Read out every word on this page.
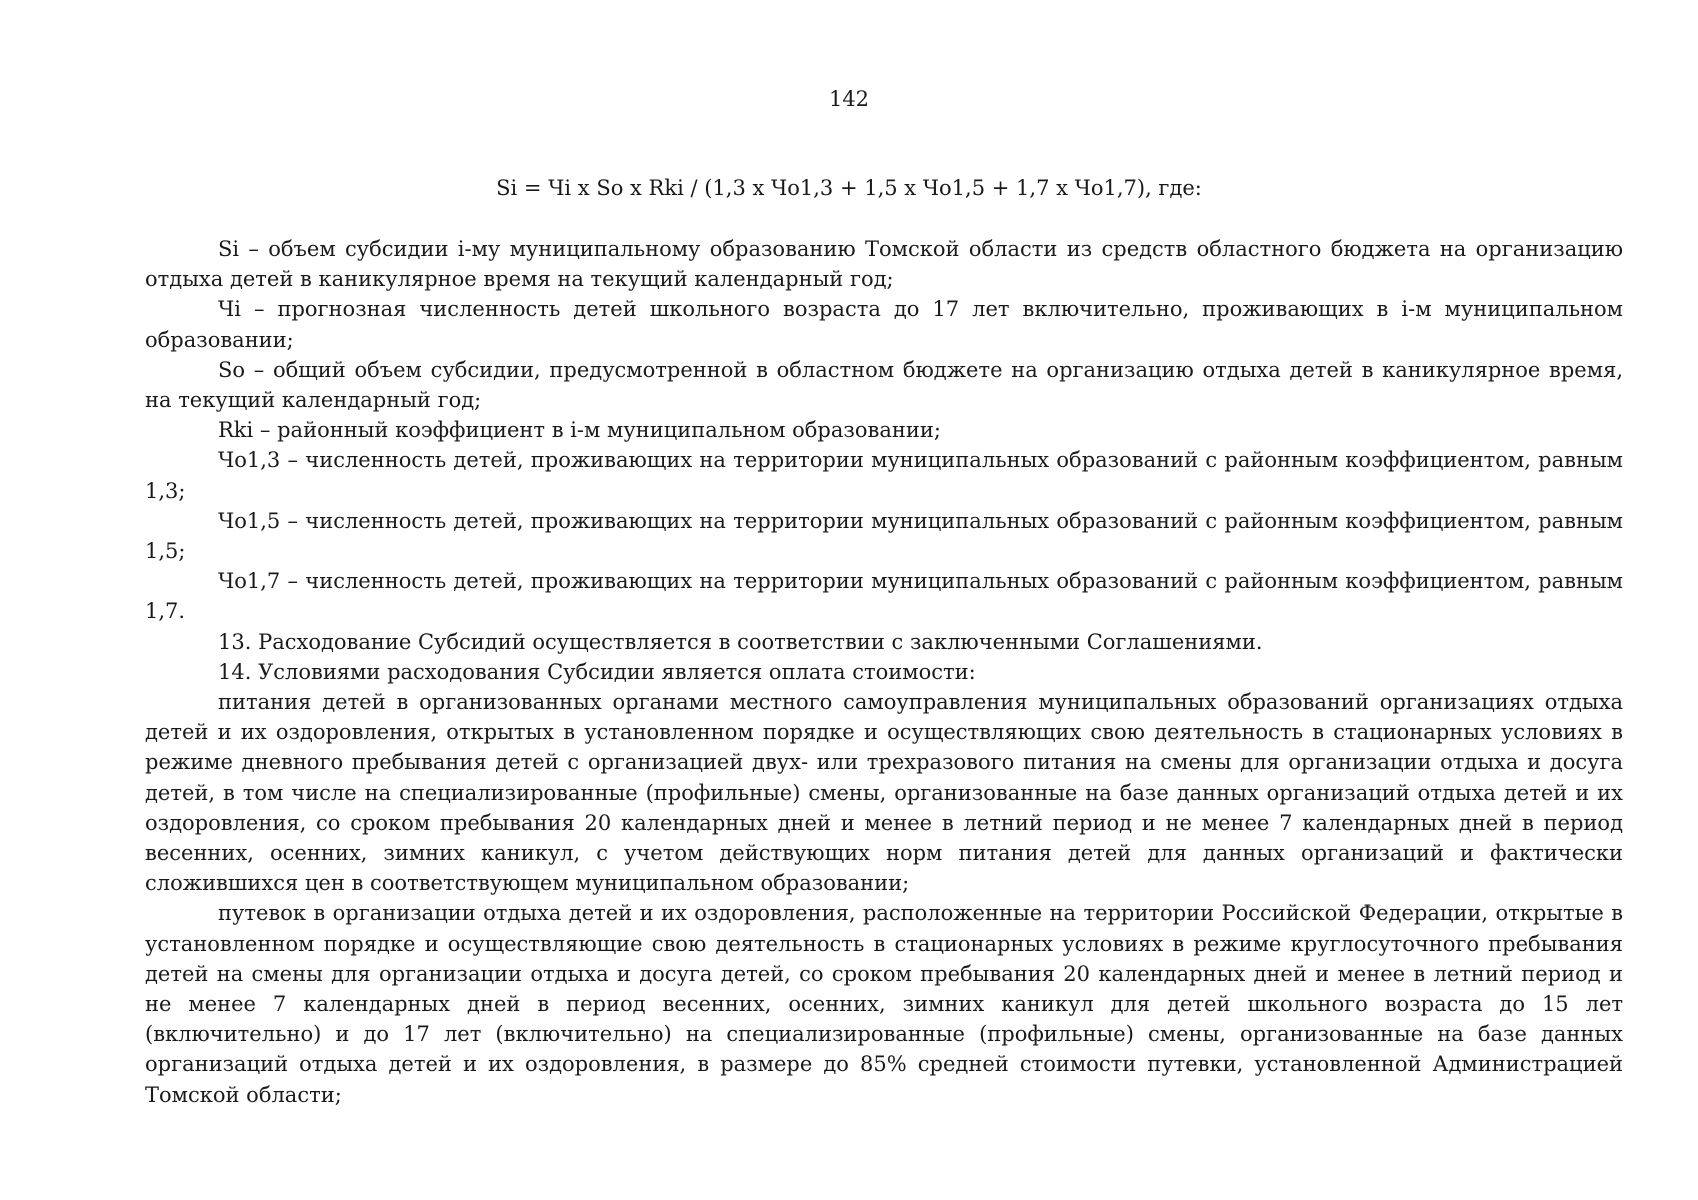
142
Si = Чi х So х Rki / (1,3 х Чо1,3 + 1,5 х Чо1,5 + 1,7 х Чо1,7), где:

Si – объем субсидии i-му муниципальному образованию Томской области из средств областного бюджета на организацию отдыха детей в каникулярное время на текущий календарный год;

Чi – прогнозная численность детей школьного возраста до 17 лет включительно, проживающих в i-м муниципальном образовании;

So – общий объем субсидии, предусмотренной в областном бюджете на организацию отдыха детей в каникулярное время, на текущий календарный год;

Rki – районный коэффициент в i-м муниципальном образовании;

Чо1,3 – численность детей, проживающих на территории муниципальных образований с районным коэффициентом, равным 1,3;

Чо1,5 – численность детей, проживающих на территории муниципальных образований с районным коэффициентом, равным 1,5;

Чо1,7 – численность детей, проживающих на территории муниципальных образований с районным коэффициентом, равным 1,7.

13. Расходование Субсидий осуществляется в соответствии с заключенными Соглашениями.

14. Условиями расходования Субсидии является оплата стоимости:

питания детей в организованных органами местного самоуправления муниципальных образований организациях отдыха детей и их оздоровления, открытых в установленном порядке и осуществляющих свою деятельность в стационарных условиях в режиме дневного пребывания детей с организацией двух- или трехразового питания на смены для организации отдыха и досуга детей, в том числе на специализированные (профильные) смены, организованные на базе данных организаций отдыха детей и их оздоровления, со сроком пребывания 20 календарных дней и менее в летний период и не менее 7 календарных дней в период весенних, осенних, зимних каникул, с учетом действующих норм питания детей для данных организаций и фактически сложившихся цен в соответствующем муниципальном образовании;

путевок в организации отдыха детей и их оздоровления, расположенные на территории Российской Федерации, открытые в установленном порядке и осуществляющие свою деятельность в стационарных условиях в режиме круглосуточного пребывания детей на смены для организации отдыха и досуга детей, со сроком пребывания 20 календарных дней и менее в летний период и не менее 7 календарных дней в период весенних, осенних, зимних каникул для детей школьного возраста до 15 лет (включительно) и до 17 лет (включительно) на специализированные (профильные) смены, организованные на базе данных организаций отдыха детей и их оздоровления, в размере до 85% средней стоимости путевки, установленной Администрацией Томской области;
